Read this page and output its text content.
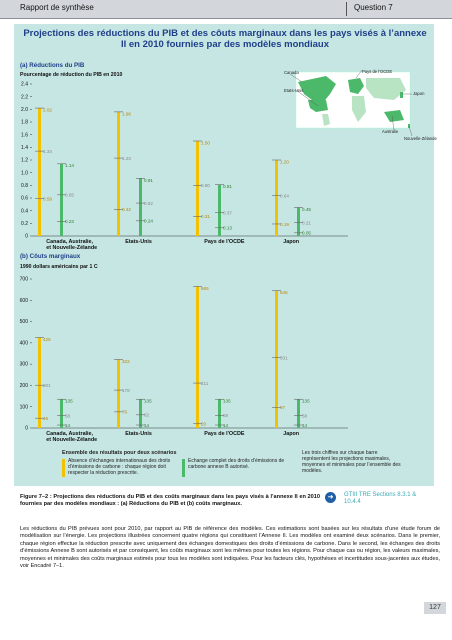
Rapport de synthèse	Question 7
Projections des réductions du PIB et des côuts marginaux dans les pays visés à l’annexe II en 2010 fournies par des modèles mondiaux
(a) Réductions du PIB
Pourcentage de réduction du PIB en 2010
(b) Côuts marginaux
1990 dollars américains par 1 C
Canada	Pays de l'OCDE
Etats-Unis
Japon
Australie
Nouvelle-Zélande
0
0.2
0.4
0.6
0.8
1.0
1.2
1.4
1.6
1.8
2.0
2.2
2.4
Canada, Australie,
et Nouvelle-Zélande
2.02
1.34
0.59
1.14
0.65
0.23
Etats-Unis
1.96
1.23
0.42
0.91
0.52
0.24
Pays de l'OCDE
1.50
0.80
0.31
0.81
0.37
0.13
Japon
1.20
0.64
0.19
0.45
0.21
0.05
0
100
200
300
400
500
600
700
Canada, Australie,
et Nouvelle-Zélande
425
201
46
135
58
14
Etats-Unis
322
178
76
135
62
14
Pays de l'OCDE
665
211
20
135
59
14
Japon
645
331
97
135
58
14
Ensemble des résultats pour deux scénarios
Absence d’échanges internationaux des droits d’émissions de carbone : chaque région doit respecter la réduction prescrite.
Echange complet des droits d’émissions de carbone annexe B autorisé.
Les trois chiffres sur chaque barre représentent les projections maximales, moyennes et minimales pour l’ensemble des modèles.
➜	GTIII TRE Sections 8.3.1 & 10.4.4
Figure 7–2 : Projections des réductions du PIB et des coûts marginaux dans les pays visés à l’annexe II en 2010 fournies par des modèles mondiaux : (a) Réductions du PIB et (b) coûts marginaux.
Les réductions du PIB prévues sont pour 2010, par rapport au PIB de référence des modèles. Ces estimations sont basées sur les résultats d’une étude forum de modélisation sur l’énergie. Les projections illustrées concernent quatre régions qui constituent l’Annexe II. Les modèles ont examiné deux scénarios. Dans le premier, chaque région effectue la réduction prescrite avec uniquement des échanges domestiques des droits d’émissions de carbone. Dans le second, les échanges des droits d’émissions Annexe B sont autorisés et par conséquent, les coûts marginaux sont les mêmes pour toutes les régions. Pour chaque cas ou région, les valeurs maximales, moyennes et minimales des coûts marginaux estimés pour tous les modèles sont indiquées. Pour les facteurs clés, hypothèses et incertitudes sous-jacentes aux études, voir Encadré 7–1.
127
